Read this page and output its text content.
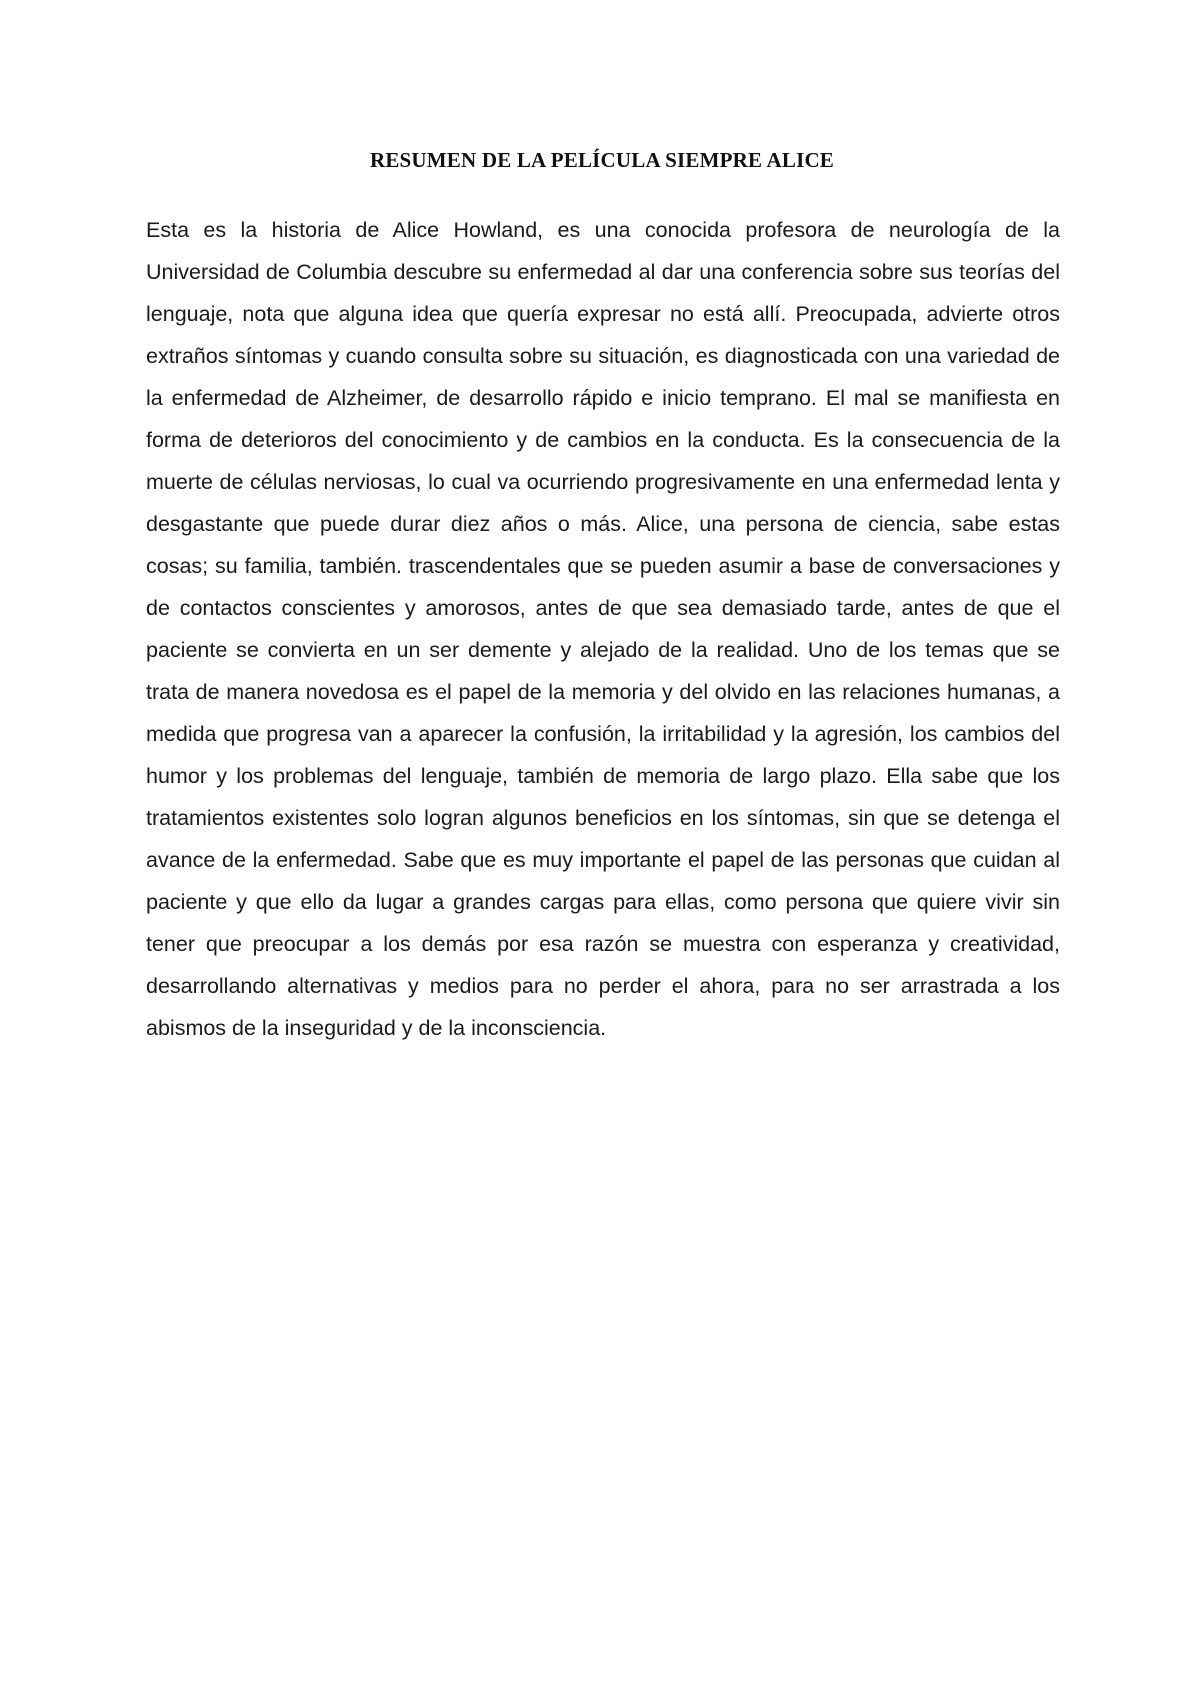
RESUMEN DE LA PELÍCULA SIEMPRE ALICE

Esta es la historia de Alice Howland, es una conocida profesora de neurología de la Universidad de Columbia descubre su enfermedad al dar una conferencia sobre sus teorías del lenguaje, nota que alguna idea que quería expresar no está allí. Preocupada, advierte otros extraños síntomas y cuando consulta sobre su situación, es diagnosticada con una variedad de la enfermedad de Alzheimer, de desarrollo rápido e inicio temprano. El mal se manifiesta en forma de deterioros del conocimiento y de cambios en la conducta. Es la consecuencia de la muerte de células nerviosas, lo cual va ocurriendo progresivamente en una enfermedad lenta y desgastante que puede durar diez años o más. Alice, una persona de ciencia, sabe estas cosas; su familia, también. trascendentales que se pueden asumir a base de conversaciones y de contactos conscientes y amorosos, antes de que sea demasiado tarde, antes de que el paciente se convierta en un ser demente y alejado de la realidad. Uno de los temas que se trata de manera novedosa es el papel de la memoria y del olvido en las relaciones humanas, a medida que progresa van a aparecer la confusión, la irritabilidad y la agresión, los cambios del humor y los problemas del lenguaje, también de memoria de largo plazo. Ella sabe que los tratamientos existentes solo logran algunos beneficios en los síntomas, sin que se detenga el avance de la enfermedad. Sabe que es muy importante el papel de las personas que cuidan al paciente y que ello da lugar a grandes cargas para ellas, como persona que quiere vivir sin tener que preocupar a los demás por esa razón se muestra con esperanza y creatividad, desarrollando alternativas y medios para no perder el ahora, para no ser arrastrada a los abismos de la inseguridad y de la inconsciencia.
